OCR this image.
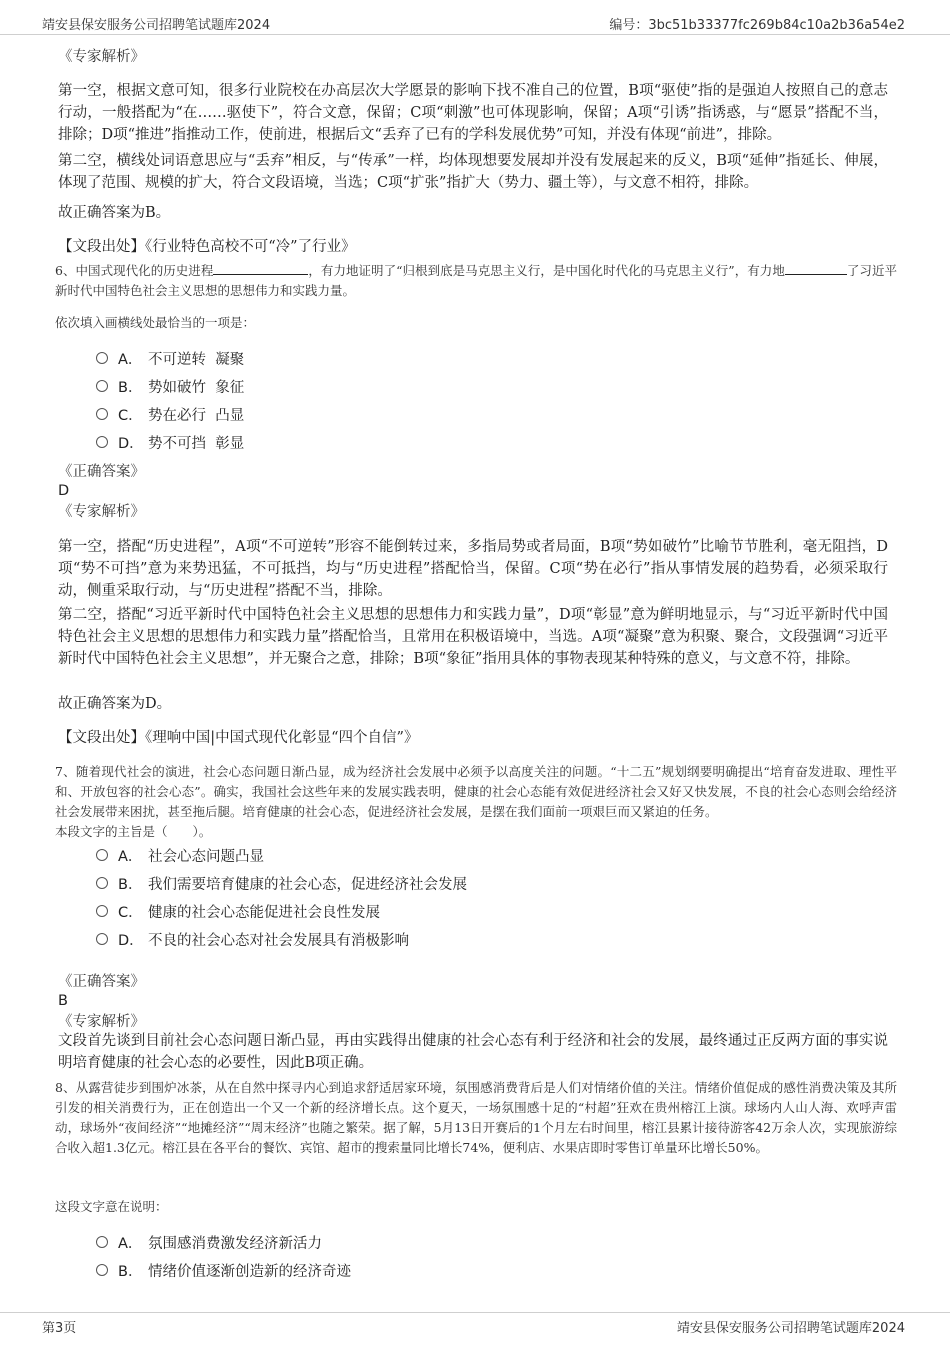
靖安县保安服务公司招聘笔试题库2024	编号：3bc51b33377fc269b84c10a2b36a54e2
《专家解析》
第一空，根据文意可知，很多行业院校在办高层次大学愿景的影响下找不准自己的位置，B项“驱使”指的是强迫人按照自己的意志行动，一般搭配为“在……驱使下”，符合文意，保留；C项“刺激”也可体现影响，保留；A项“引诱”指诱惑，与“愿景”搭配不当，排除；D项“推进”指推动工作，使前进，根据后文“丢弃了已有的学科发展优势”可知，并没有体现“前进”，排除。
第二空，横线处词语意思应与“丢弃”相反，与“传承”一样，均体现想要发展却并没有发展起来的反义，B项“延伸”指延长、伸展，体现了范围、规模的扩大，符合文段语境，当选；C项“扩张”指扩大（势力、疆土等），与文意不相符，排除。
故正确答案为B。
【文段出处】《行业特色高校不可“冷”了行业》
6、中国式现代化的历史进程	，有力地证明了“归根到底是马克思主义行，是中国化时代化的马克思主义行”，有力地	了习近平新时代中国特色社会主义思想的思想伟力和实践力量。
依次填入画横线处最恰当的一项是：
A． 不可逆转  凝聚
B． 势如破竹  象征
C． 势在必行  凸显
D． 势不可挡  彰显
《正确答案》
D
《专家解析》
第一空，搭配“历史进程”，A项“不可逆转”形容不能倒转过来，多指局势或者局面，B项“势如破竹”比喻节节胜利，毫无阻挡，D项“势不可挡”意为来势迅猛，不可抵挡，均与“历史进程”搭配恰当，保留。C项“势在必行”指从事情发展的趋势看，必须采取行动，侧重采取行动，与“历史进程”搭配不当，排除。
第二空，搭配“习近平新时代中国特色社会主义思想的思想伟力和实践力量”，D项“彰显”意为鲜明地显示，与“习近平新时代中国特色社会主义思想的思想伟力和实践力量”搭配恰当，且常用在积极语境中，当选。A项“凝聚”意为积聚、聚合，文段强调“习近平新时代中国特色社会主义思想”，并无聚合之意，排除；B项“象征”指用具体的事物表现某种特殊的意义，与文意不符，排除。
故正确答案为D。
【文段出处】《理响中国|中国式现代化彰显“四个自信”》
7、随着现代社会的演进，社会心态问题日渐凸显，成为经济社会发展中必须予以高度关注的问题。“十二五”规划纲要明确提出“培育奋发进取、理性平和、开放包容的社会心态”。确实，我国社会这些年来的发展实践表明，健康的社会心态能有效促进经济社会又好又快发展，不良的社会心态则会给经济社会发展带来困扰，甚至拖后腿。培育健康的社会心态，促进经济社会发展，是摆在我们面前一项艰巨而又紧迫的任务。
本段文字的主旨是（　　）。
A． 社会心态问题凸显
B． 我们需要培育健康的社会心态，促进经济社会发展
C． 健康的社会心态能促进社会良性发展
D． 不良的社会心态对社会发展具有消极影响
《正确答案》
B
《专家解析》
文段首先谈到目前社会心态问题日渐凸显，再由实践得出健康的社会心态有利于经济和社会的发展，最终通过正反两方面的事实说明培育健康的社会心态的必要性，因此B项正确。
8、从露营徒步到围炉冰茶，从在自然中探寻内心到追求舒适居家环境，氛围感消费背后是人们对情绪价值的关注。情绪价值促成的感性消费决策及其所引发的相关消费行为，正在创造出一个又一个新的经济增长点。这个夏天，一场氛围感十足的“村超”狂欢在贵州榕江上演。球场内人山人海、欢呼声雷动，球场外“夜间经济”“地摊经济”“周末经济”也随之繁荣。据了解，5月13日开赛后的1个月左右时间里，榕江县累计接待游客42万余人次，实现旅游综合收入超1.3亿元。榕江县在各平台的餐饮、宾馆、超市的搜索量同比增长74%，便利店、水果店即时零售订单量环比增长50%。
这段文字意在说明：
A． 氛围感消费激发经济新活力
B． 情绪价值逐渐创造新的经济奇迹
第3页	靖安县保安服务公司招聘笔试题库2024
